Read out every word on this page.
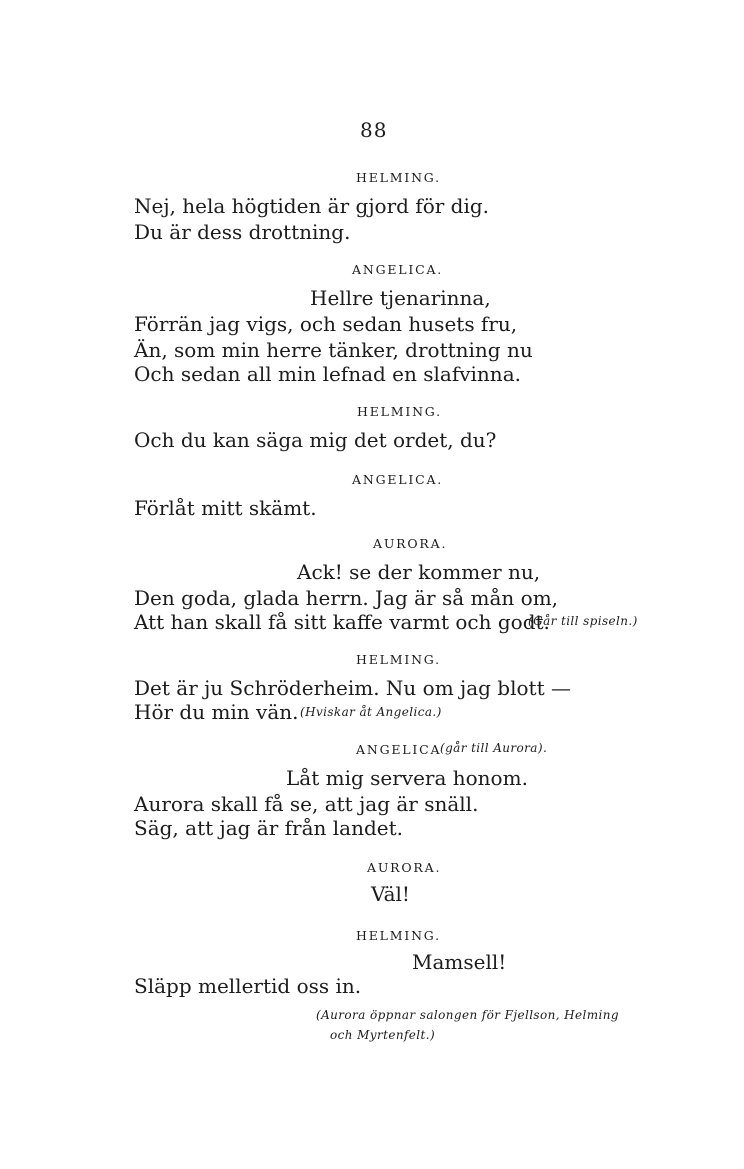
88
HELMING.
Nej, hela högtiden är gjord för dig.
Du är dess drottning.
ANGELICA.
Hellre tjenarinna,
Förrän jag vigs, och sedan husets fru,
Än, som min herre tänker, drottning nu
Och sedan all min lefnad en slafvinna.
HELMING.
Och du kan säga mig det ordet, du?
ANGELICA.
Förlåt mitt skämt.
AURORA.
Ack! se der kommer nu,
Den goda, glada herrn. Jag är så mån om,
Att han skall få sitt kaffe varmt och godt.
(Går till spiseln.)
HELMING.
Det är ju Schröderheim. Nu om jag blott —
Hör du min vän. (Hviskar åt Angelica.)
ANGELICA
(går till Aurora).
Låt mig servera honom.
Aurora skall få se, att jag är snäll.
Säg, att jag är från landet.
AURORA.
Väl!
HELMING.
Mamsell!
Släpp mellertid oss in.
(Aurora öppnar salongen för Fjellson, Helming
och Myrtenfelt.)
